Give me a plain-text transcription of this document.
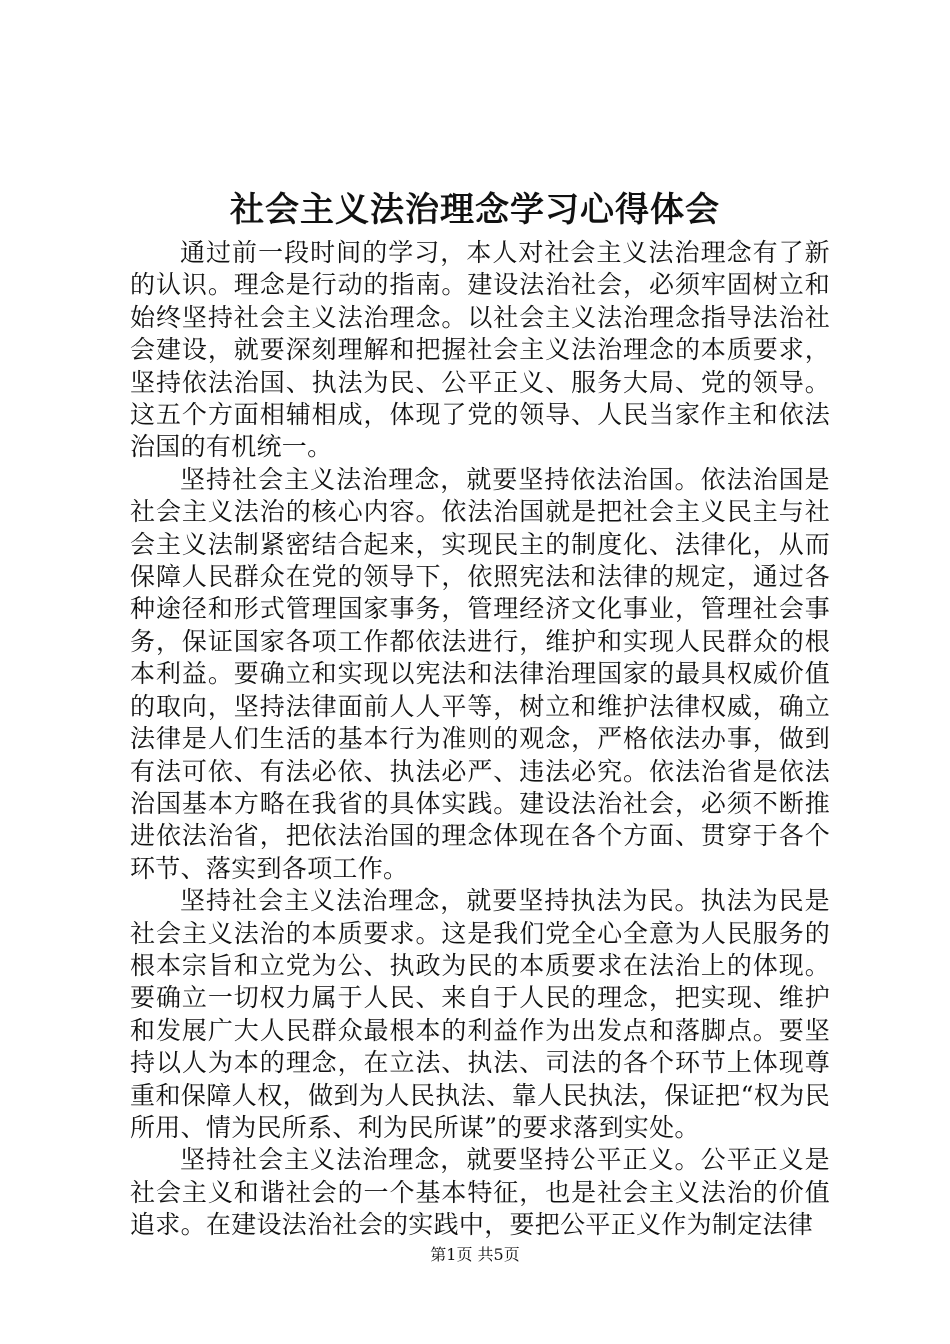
社会主义法治理念学习心得体会

通过前一段时间的学习，本人对社会主义法治理念有了新的认识。理念是行动的指南。建设法治社会，必须牢固树立和始终坚持社会主义法治理念。以社会主义法治理念指导法治社会建设，就要深刻理解和把握社会主义法治理念的本质要求，坚持依法治国、执法为民、公平正义、服务大局、党的领导。这五个方面相辅相成，体现了党的领导、人民当家作主和依法治国的有机统一。

坚持社会主义法治理念，就要坚持依法治国。依法治国是社会主义法治的核心内容。依法治国就是把社会主义民主与社会主义法制紧密结合起来，实现民主的制度化、法律化，从而保障人民群众在党的领导下，依照宪法和法律的规定，通过各种途径和形式管理国家事务，管理经济文化事业，管理社会事务，保证国家各项工作都依法进行，维护和实现人民群众的根本利益。要确立和实现以宪法和法律治理国家的最具权威价值的取向，坚持法律面前人人平等，树立和维护法律权威，确立法律是人们生活的基本行为准则的观念，严格依法办事，做到有法可依、有法必依、执法必严、违法必究。依法治省是依法治国基本方略在我省的具体实践。建设法治社会，必须不断推进依法治省，把依法治国的理念体现在各个方面、贯穿于各个环节、落实到各项工作。

坚持社会主义法治理念，就要坚持执法为民。执法为民是社会主义法治的本质要求。这是我们党全心全意为人民服务的根本宗旨和立党为公、执政为民的本质要求在法治上的体现。要确立一切权力属于人民、来自于人民的理念，把实现、维护和发展广大人民群众最根本的利益作为出发点和落脚点。要坚持以人为本的理念，在立法、执法、司法的各个环节上体现尊重和保障人权，做到为人民执法、靠人民执法，保证把“权为民所用、情为民所系、利为民所谋”的要求落到实处。

坚持社会主义法治理念，就要坚持公平正义。公平正义是社会主义和谐社会的一个基本特征，也是社会主义法治的价值追求。在建设法治社会的实践中，要把公平正义作为制定法律

第1页 共5页
